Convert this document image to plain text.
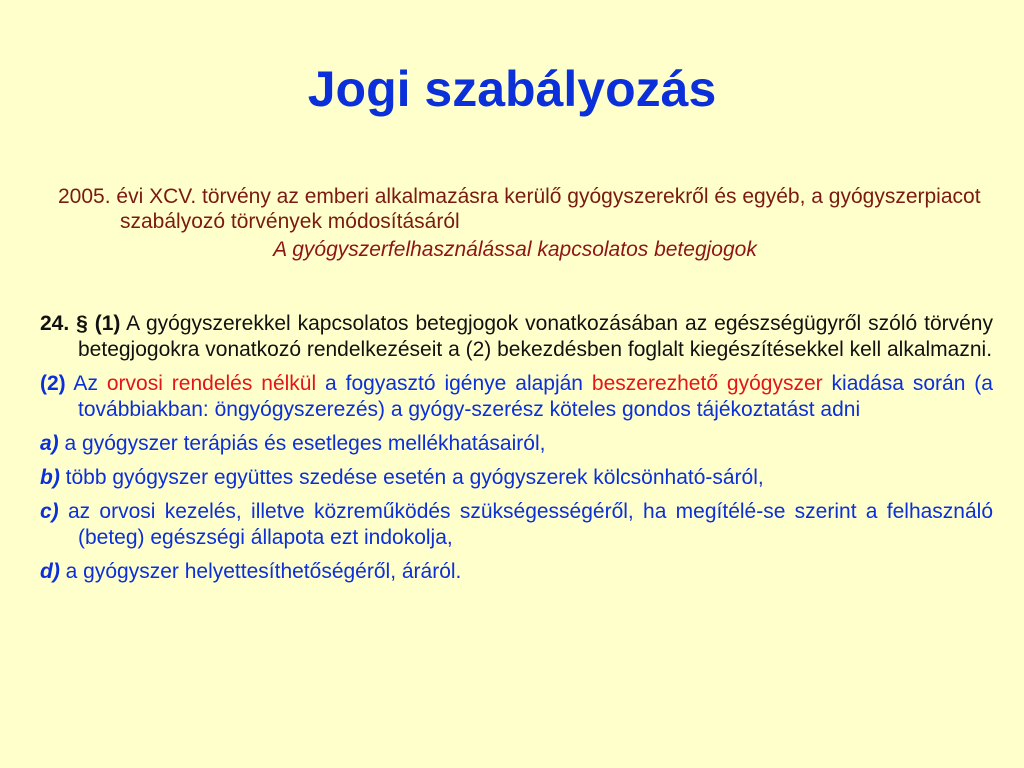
Jogi szabályozás

2005. évi XCV. törvény az emberi alkalmazásra kerülő gyógyszerekről és egyéb, a gyógyszerpiacot szabályozó törvények módosításáról

A gyógyszerfelhasználással kapcsolatos betegjogok

24. § (1) A gyógyszerekkel kapcsolatos betegjogok vonatkozásában az egészségügyről szóló törvény betegjogokra vonatkozó rendelkezéseit a (2) bekezdésben foglalt kiegészítésekkel kell alkalmazni.

(2) Az orvosi rendelés nélkül a fogyasztó igénye alapján beszerezhető gyógyszer kiadása során (a továbbiakban: öngyógyszerezés) a gyógy-szerész köteles gondos tájékoztatást adni

a) a gyógyszer terápiás és esetleges mellékhatásairól,

b) több gyógyszer együttes szedése esetén a gyógyszerek kölcsönható-sáról,

c) az orvosi kezelés, illetve közreműködés szükségességéről, ha megítélé-se szerint a felhasználó (beteg) egészségi állapota ezt indokolja,

d) a gyógyszer helyettesíthetőségéről, áráról.
